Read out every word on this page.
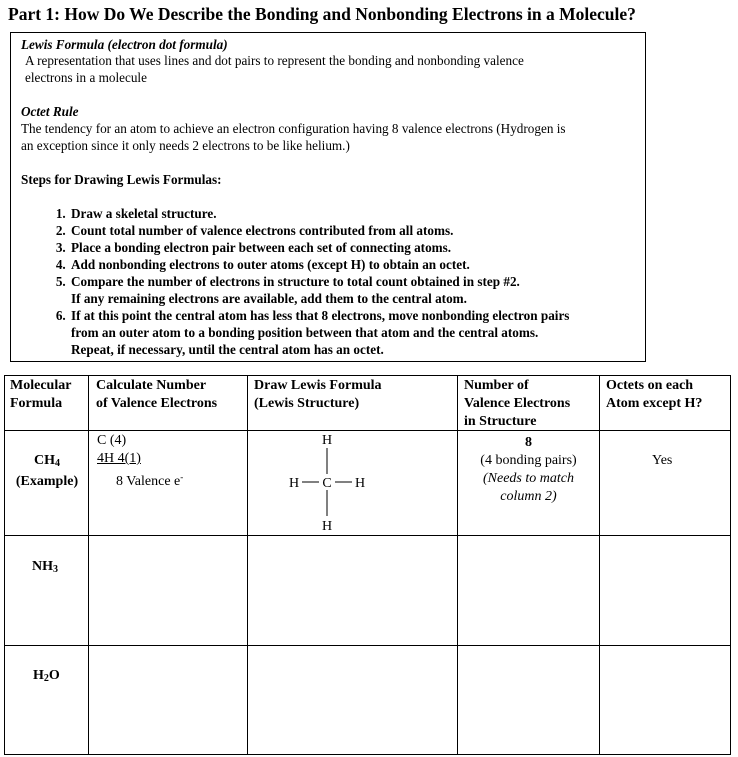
Part 1: How Do We Describe the Bonding and Nonbonding Electrons in a Molecule?
Lewis Formula (electron dot formula)
A representation that uses lines and dot pairs to represent the bonding and nonbonding valence
electrons in a molecule
Octet Rule
The tendency for an atom to achieve an electron configuration having 8 valence electrons (Hydrogen is
an exception since it only needs 2 electrons to be like helium.)
Steps for Drawing Lewis Formulas:
1. Draw a skeletal structure.
2. Count total number of valence electrons contributed from all atoms.
3. Place a bonding electron pair between each set of connecting atoms.
4. Add nonbonding electrons to outer atoms (except H) to obtain an octet.
5. Compare the number of electrons in structure to total count obtained in step #2.
If any remaining electrons are available, add them to the central atom.
6. If at this point the central atom has less that 8 electrons, move nonbonding electron pairs
from an outer atom to a bonding position between that atom and the central atoms.
Repeat, if necessary, until the central atom has an octet.
Molecular
Formula
Calculate Number
of Valence Electrons
Draw Lewis Formula
(Lewis Structure)
Number of
Valence Electrons
in Structure
Octets on each
Atom except H?
$CH_4$
(Example)
C (4)
4H 4(1)
8 Valence e-
H
C
H
H	H
8
(4 bonding pairs)
(Needs to match
column 2)
Yes
$NH_3$
$H_2O$
